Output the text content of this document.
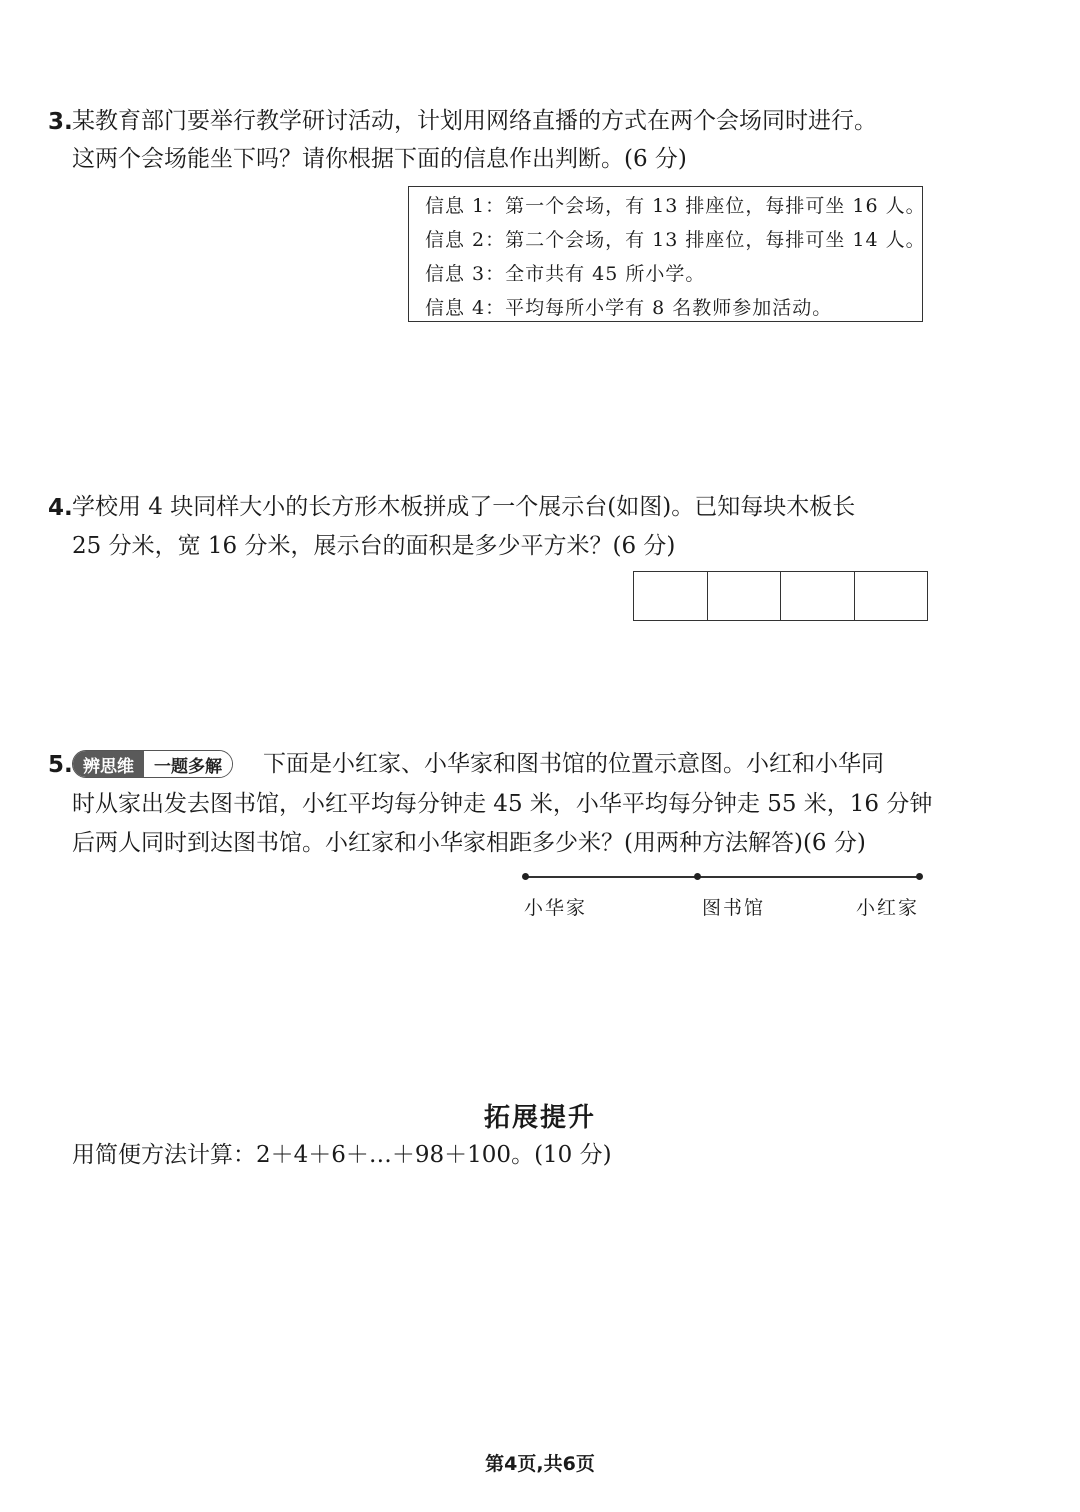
3. 某教育部门要举行教学研讨活动，计划用网络直播的方式在两个会场同时进行。
这两个会场能坐下吗？请你根据下面的信息作出判断。(6 分)
信息 1：第一个会场，有 13 排座位，每排可坐 16 人。
信息 2：第二个会场，有 13 排座位，每排可坐 14 人。
信息 3：全市共有 45 所小学。
信息 4：平均每所小学有 8 名教师参加活动。
4. 学校用 4 块同样大小的长方形木板拼成了一个展示台(如图)。已知每块木板长
25 分米，宽 16 分米，展示台的面积是多少平方米？(6 分)
5. 辨思维	一题多解	下面是小红家、小华家和图书馆的位置示意图。小红和小华同
时从家出发去图书馆，小红平均每分钟走 45 米，小华平均每分钟走 55 米，16 分钟
后两人同时到达图书馆。小红家和小华家相距多少米？(用两种方法解答)(6 分)
小华家	图书馆	小红家
拓展提升
用简便方法计算：2＋4＋6＋…＋98＋100。(10 分)
第4页,共6页
